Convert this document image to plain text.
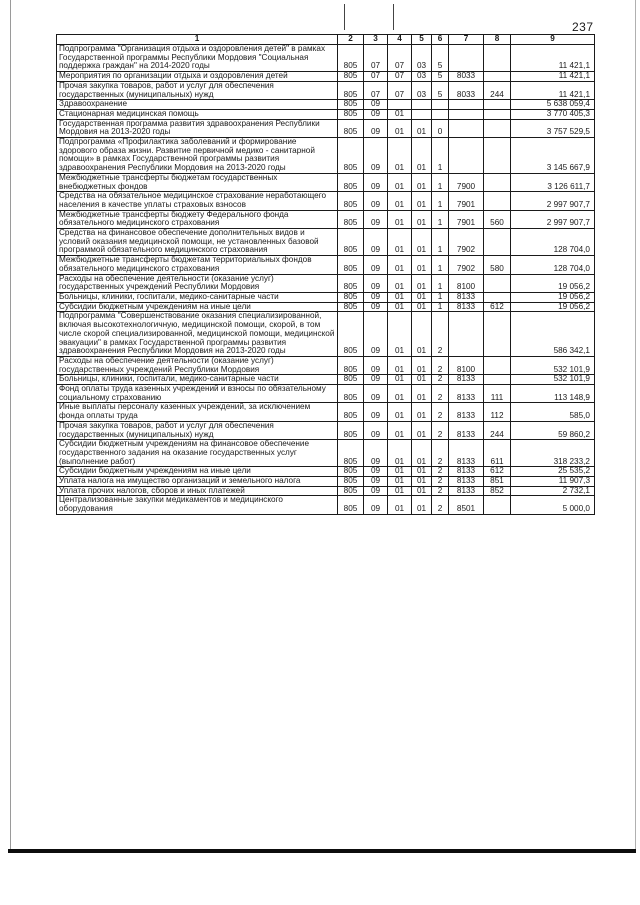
237
1	2	3	4	5	6	7	8	9
Подпрограмма "Организация отдыха и оздоровления детей" в рамках Государственной программы Республики Мордовия "Социальная поддержка граждан" на 2014-2020 годы	805	07	07	03	5			11 421,1
Мероприятия по организации отдыха и оздоровления детей	805	07	07	03	5	8033		11 421,1
Прочая закупка товаров, работ и услуг для обеспечения государственных (муниципальных) нужд	805	07	07	03	5	8033	244	11 421,1
Здравоохранение	805	09						5 638 059,4
Стационарная медицинская помощь	805	09	01					3 770 405,3
Государственная программа развития здравоохранения Республики Мордовия на 2013-2020 годы	805	09	01	01	0			3 757 529,5
Подпрограмма «Профилактика заболеваний и формирование здорового образа жизни. Развитие первичной медико - санитарной помощи» в рамках Государственной программы развития здравоохранения Республики Мордовия на 2013-2020 годы	805	09	01	01	1			3 145 667,9
Межбюджетные трансферты бюджетам государственных внебюджетных фондов	805	09	01	01	1	7900		3 126 611,7
Средства на обязательное медицинское страхование неработающего населения в качестве уплаты страховых взносов	805	09	01	01	1	7901		2 997 907,7
Межбюджетные трансферты бюджету Федерального фонда обязательного медицинского страхования	805	09	01	01	1	7901	560	2 997 907,7
Средства на финансовое обеспечение дополнительных видов и условий оказания медицинской помощи, не установленных базовой программой обязательного медицинского страхования	805	09	01	01	1	7902		128 704,0
Межбюджетные трансферты бюджетам территориальных фондов обязательного медицинского страхования	805	09	01	01	1	7902	580	128 704,0
Расходы на обеспечение деятельности (оказание услуг) государственных учреждений Республики Мордовия	805	09	01	01	1	8100		19 056,2
Больницы, клиники, госпитали, медико-санитарные части	805	09	01	01	1	8133		19 056,2
Субсидии бюджетным учреждениям на иные цели	805	09	01	01	1	8133	612	19 056,2
Подпрограмма "Совершенствование оказания специализированной, включая высокотехнологичную, медицинской помощи, скорой, в том числе скорой специализированной, медицинской помощи, медицинской эвакуации" в рамках Государственной программы развития здравоохранения Республики Мордовия на 2013-2020 годы	805	09	01	01	2			586 342,1
Расходы на обеспечение деятельности (оказание услуг) государственных учреждений Республики Мордовия	805	09	01	01	2	8100		532 101,9
Больницы, клиники, госпитали, медико-санитарные части	805	09	01	01	2	8133		532 101,9
Фонд оплаты труда казенных учреждений и взносы по обязательному социальному страхованию	805	09	01	01	2	8133	111	113 148,9
Иные выплаты персоналу казенных учреждений, за исключением фонда оплаты труда	805	09	01	01	2	8133	112	585,0
Прочая закупка товаров, работ и услуг для обеспечения государственных (муниципальных) нужд	805	09	01	01	2	8133	244	59 860,2
Субсидии бюджетным учреждениям на финансовое обеспечение государственного задания на оказание государственных услуг (выполнение работ)	805	09	01	01	2	8133	611	318 233,2
Субсидии бюджетным учреждениям на иные цели	805	09	01	01	2	8133	612	25 535,2
Уплата налога на имущество организаций и земельного налога	805	09	01	01	2	8133	851	11 907,3
Уплата прочих налогов, сборов и иных платежей	805	09	01	01	2	8133	852	2 732,1
Централизованные закупки медикаментов и медицинского оборудования	805	09	01	01	2	8501		5 000,0
